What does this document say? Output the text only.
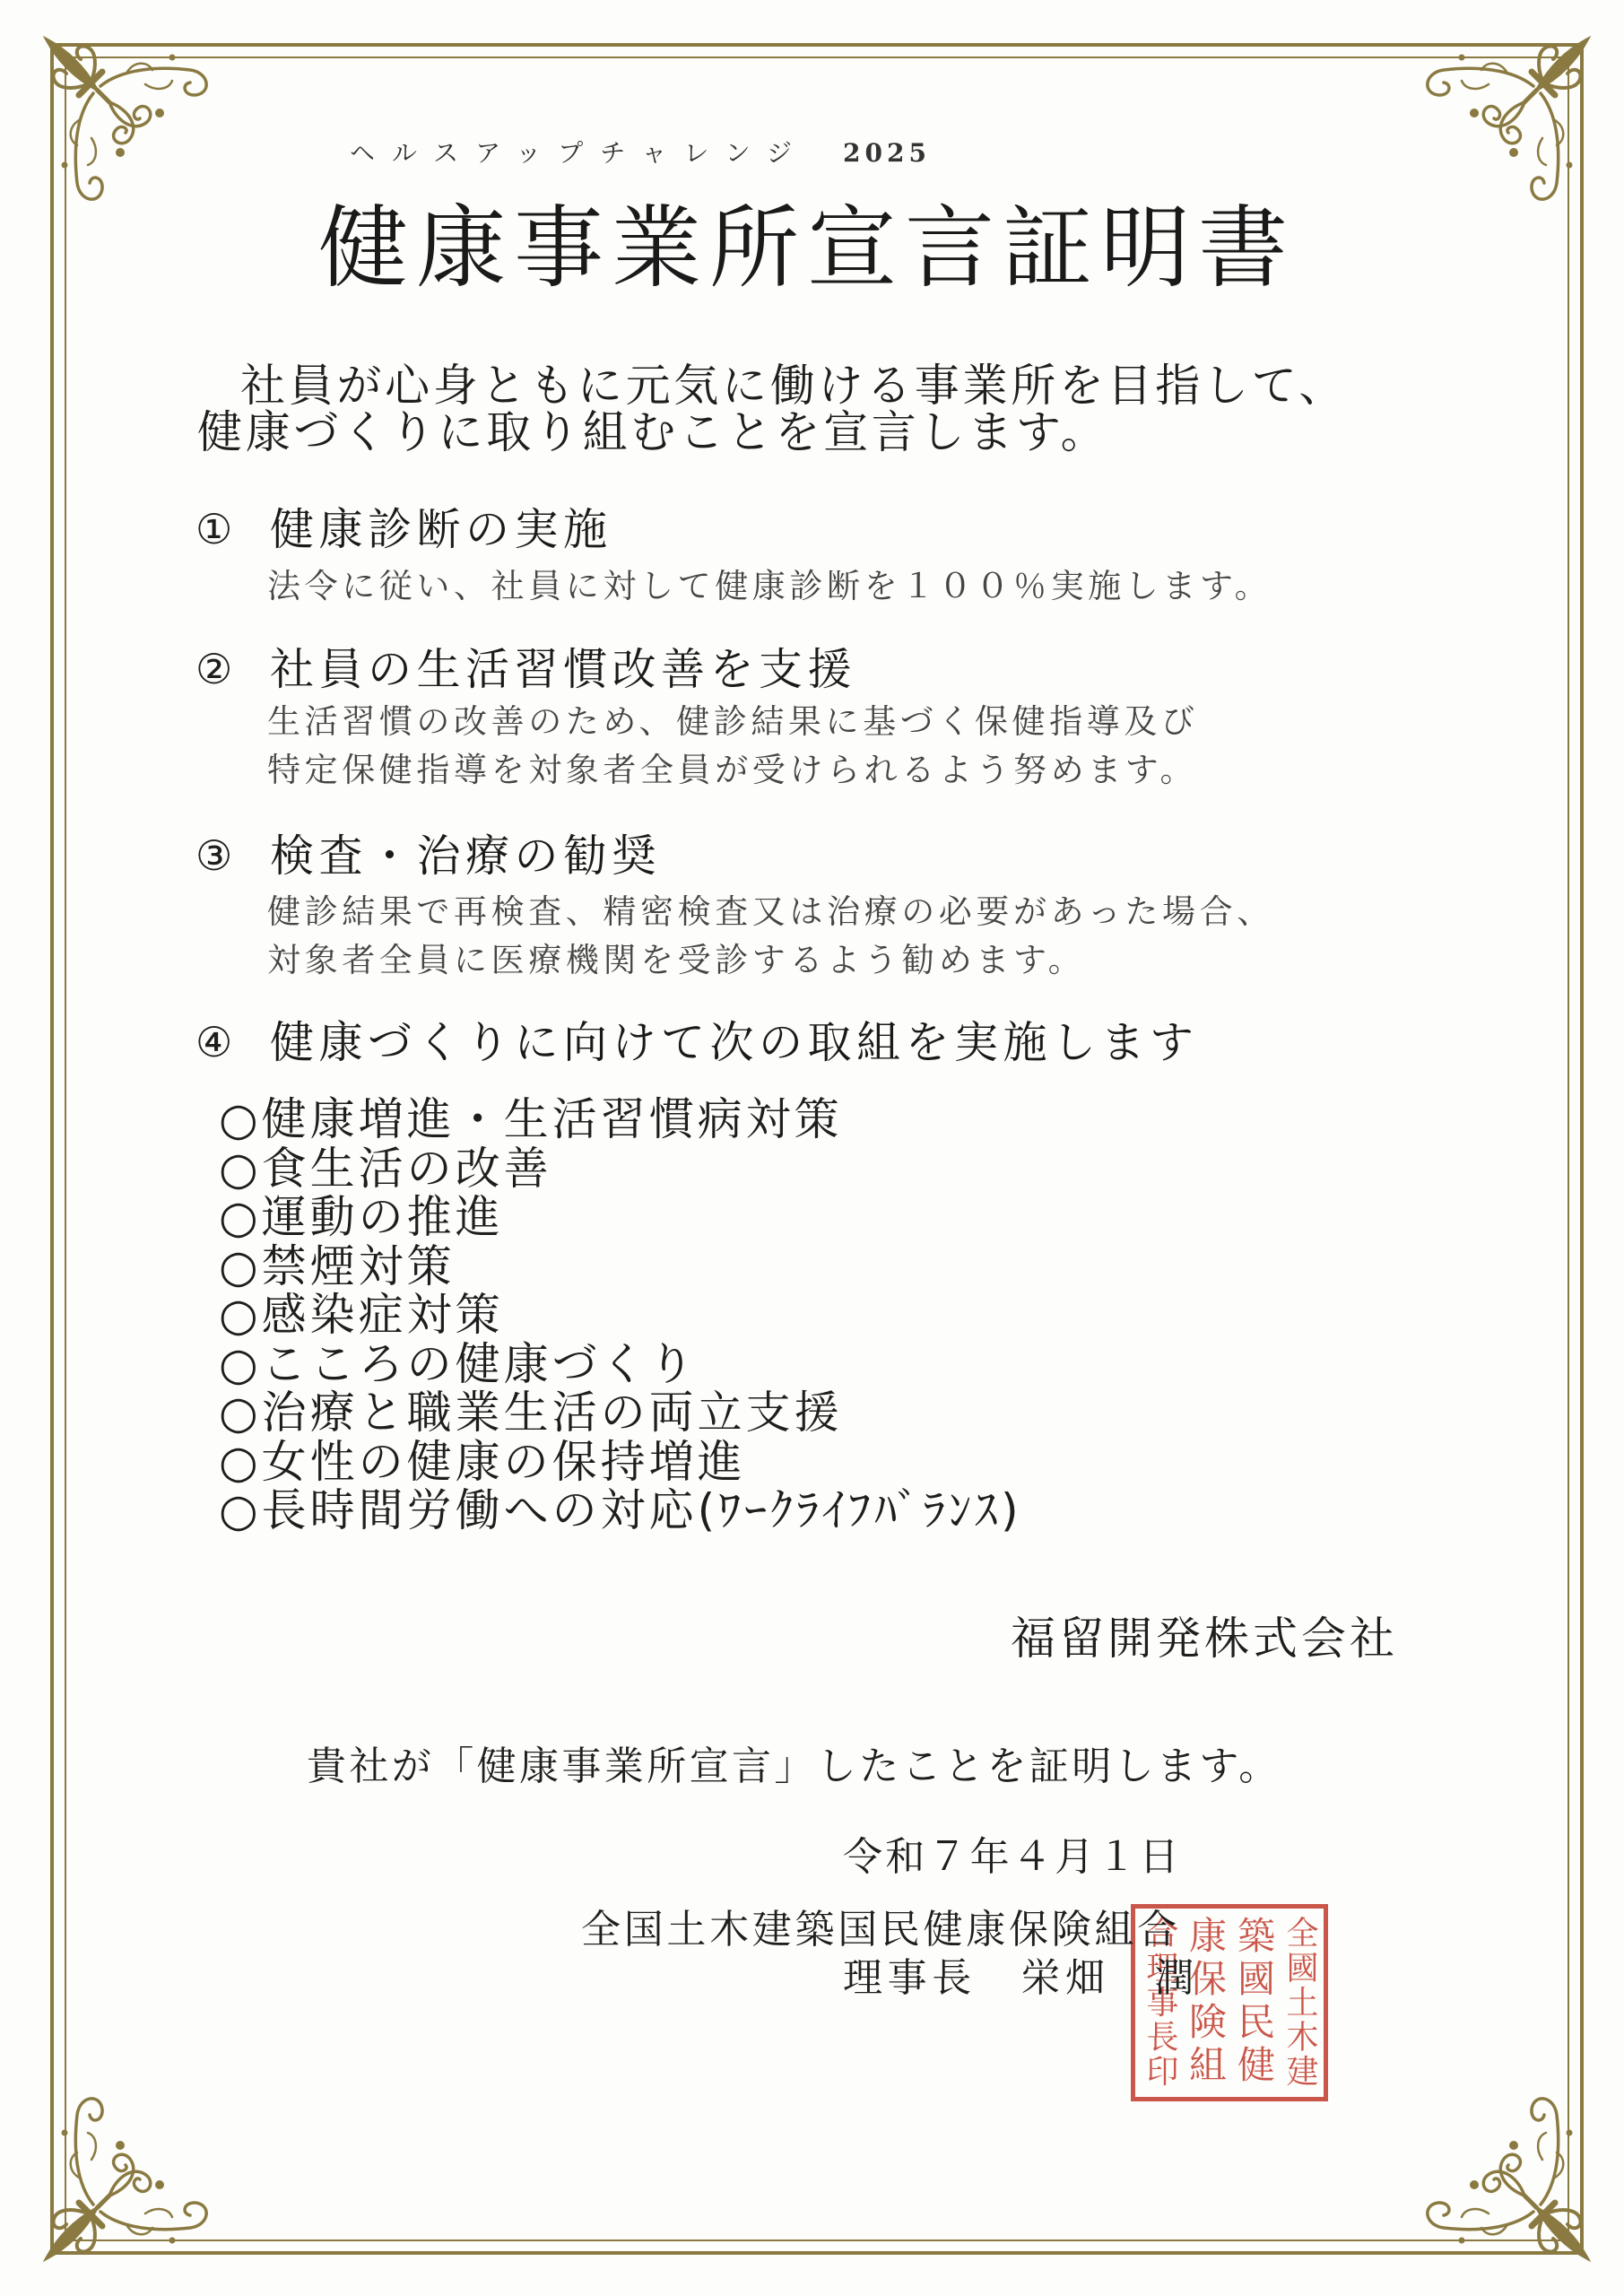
ヘルスアップチャレンジ 2025
健康事業所宣言証明書
社員が心身ともに元気に働ける事業所を目指して、
健康づくりに取り組むことを宣言します。
① 健康診断の実施
法令に従い、社員に対して健康診断を１００％実施します。
② 社員の生活習慣改善を支援
生活習慣の改善のため、健診結果に基づく保健指導及び
特定保健指導を対象者全員が受けられるよう努めます。
③ 検査・治療の勧奨
健診結果で再検査、精密検査又は治療の必要があった場合、
対象者全員に医療機関を受診するよう勧めます。
④ 健康づくりに向けて次の取組を実施します
○健康増進・生活習慣病対策
○食生活の改善
○運動の推進
○禁煙対策
○感染症対策
○こころの健康づくり
○治療と職業生活の両立支援
○女性の健康の保持増進
○長時間労働への対応(ﾜｰｸﾗｲﾌﾊﾞﾗﾝｽ)
福留開発株式会社
貴社が「健康事業所宣言」したことを証明します。
令和７年４月１日
全國土木建
築國民健
康保険組
合理事長印
全国土木建築国民健康保険組合
理事長　栄畑　潤
